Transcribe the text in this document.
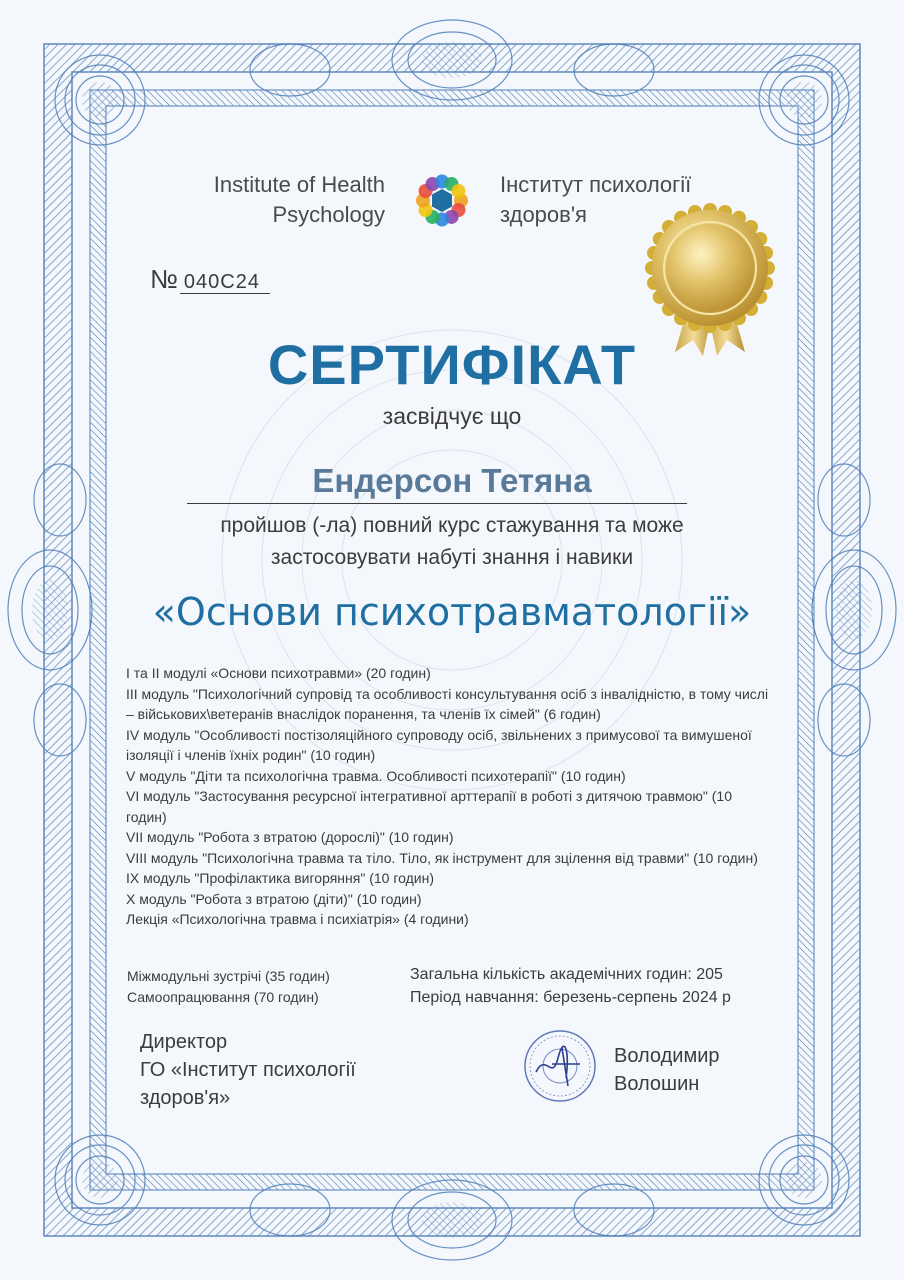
Institute of Health
Psychology
Інститут психології
здоров'я
№ 040C24
СЕРТИФІКАТ
засвідчує що
Ендерсон Тетяна
пройшов (-ла) повний курс стажування та може
застосовувати набуті знання і навики
«Основи психотравматології»
І та ІІ модулі «Основи психотравми» (20 годин)
ІІІ модуль "Психологічний супровід та особливості консультування осіб з інвалідністю, в тому числі – військових\ветеранів внаслідок поранення, та членів їх сімей" (6 годин)
IV модуль "Особливості постізоляційного супроводу осіб, звільнених з примусової та вимушеної ізоляції і членів їхніх родин" (10 годин)
V модуль "Діти та психологічна травма. Особливості психотерапії" (10 годин)
VI модуль "Застосування ресурсної інтегративної арттерапії в роботі з дитячою травмою" (10 годин)
VII модуль "Робота з втратою (дорослі)" (10 годин)
VIII модуль "Психологічна травма та тіло. Тіло, як інструмент для зцілення від травми" (10 годин)
IX модуль "Профілактика вигоряння" (10 годин)
X модуль "Робота з втратою (діти)" (10 годин)
Лекція «Психологічна травма і психіатрія» (4 години)
Міжмодульні зустрічі (35 годин)
Самоопрацювання (70 годин)
Загальна кількість академічних годин: 205
Період навчання: березень-серпень 2024 р
Директор
ГО «Інститут психології
здоров'я»
Володимир
Волошин
